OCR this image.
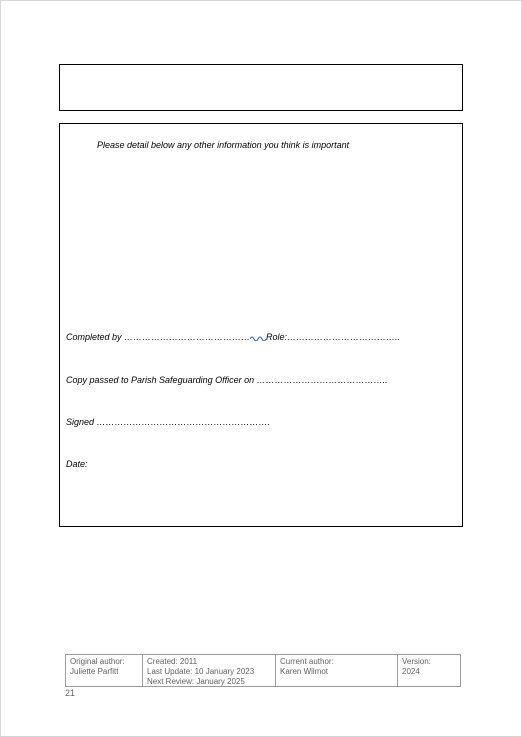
Please detail below any other information you think is important
Completed by …………………………………… Role:………………………………..
Copy passed to Parish Safeguarding Officer on ……………………………………..
Signed ………………………………………………….
Date:
Original author:
Juliette Parfitt
Created: 2011
Last Update: 10 January 2023
Next Review: January 2025
Current author:
Karen Wilmot
Version:
2024
21
